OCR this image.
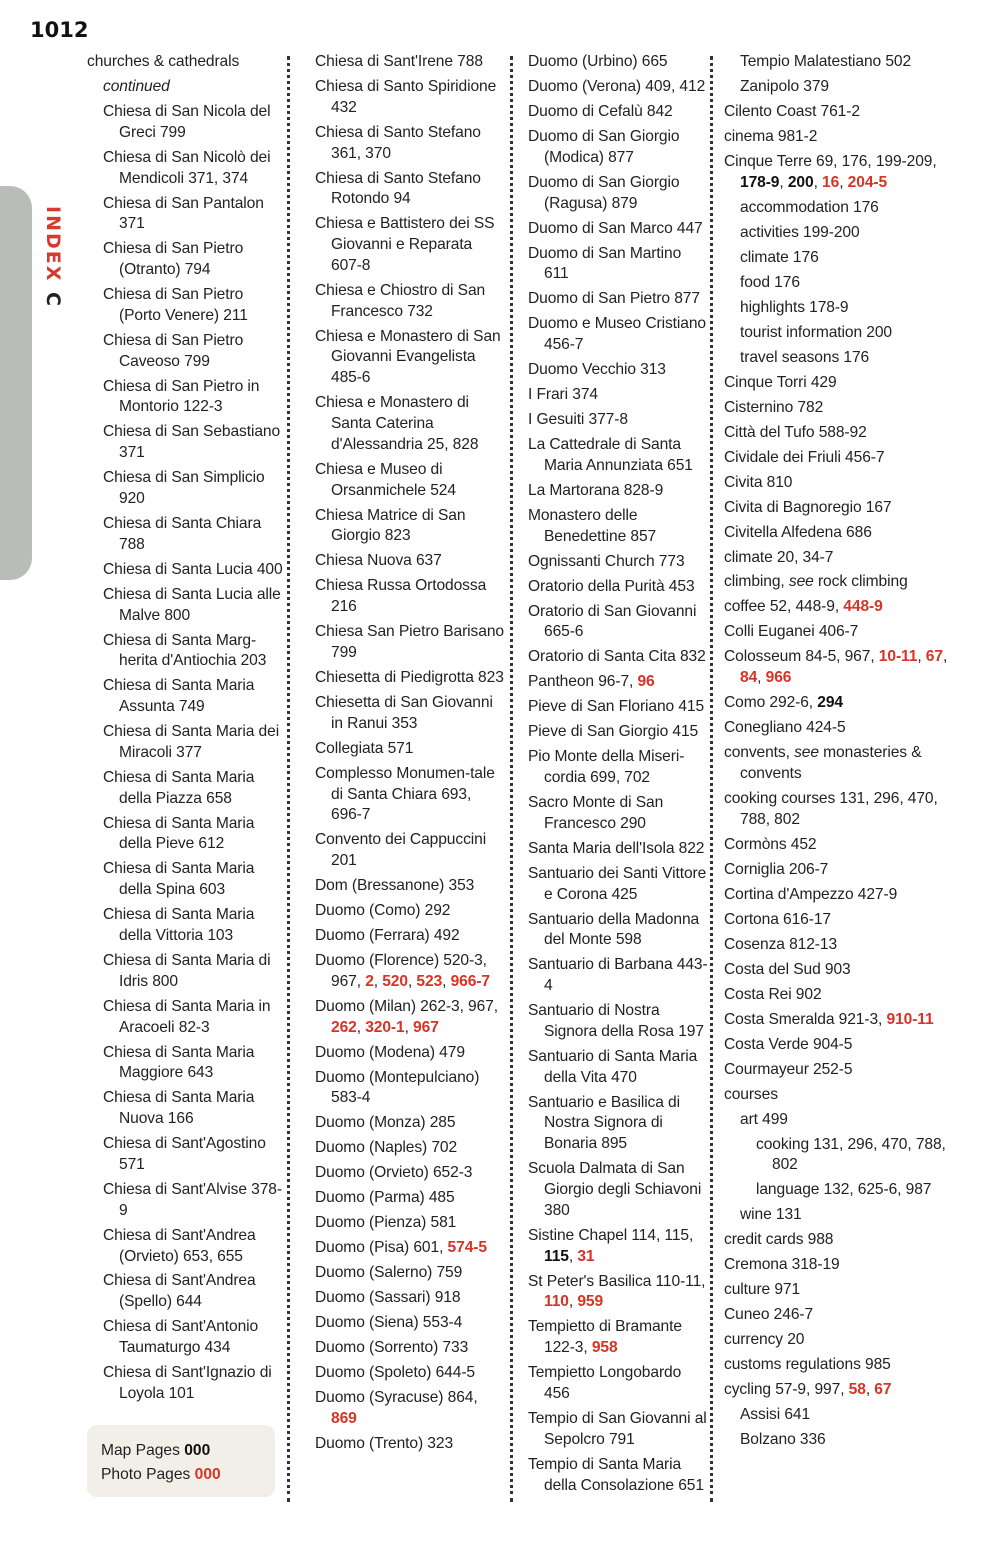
1012
INDEXC
churches & cathedrals
continued
Chiesa di San Nicola del Greci 799
Chiesa di San Nicolò dei Mendicoli 371, 374
Chiesa di San Pantalon 371
Chiesa di San Pietro (Otranto) 794
Chiesa di San Pietro (Porto Venere) 211
Chiesa di San Pietro Caveoso 799
Chiesa di San Pietro in Montorio 122-3
Chiesa di San Sebastiano 371
Chiesa di San Simplicio 920
Chiesa di Santa Chiara 788
Chiesa di Santa Lucia 400
Chiesa di Santa Lucia alle Malve 800
Chiesa di Santa Marg-herita d'Antiochia 203
Chiesa di Santa Maria Assunta 749
Chiesa di Santa Maria dei Miracoli 377
Chiesa di Santa Maria della Piazza 658
Chiesa di Santa Maria della Pieve 612
Chiesa di Santa Maria della Spina 603
Chiesa di Santa Maria della Vittoria 103
Chiesa di Santa Maria di Idris 800
Chiesa di Santa Maria in Aracoeli 82-3
Chiesa di Santa Maria Maggiore 643
Chiesa di Santa Maria Nuova 166
Chiesa di Sant'Agostino 571
Chiesa di Sant'Alvise 378-9
Chiesa di Sant'Andrea (Orvieto) 653, 655
Chiesa di Sant'Andrea (Spello) 644
Chiesa di Sant'Antonio Taumaturgo 434
Chiesa di Sant'Ignazio di Loyola 101
Chiesa di Sant'Irene 788
Chiesa di Santo Spiridione 432
Chiesa di Santo Stefano 361, 370
Chiesa di Santo Stefano Rotondo 94
Chiesa e Battistero dei SS Giovanni e Reparata 607-8
Chiesa e Chiostro di San Francesco 732
Chiesa e Monastero di San Giovanni Evangelista 485-6
Chiesa e Monastero di Santa Caterina d'Alessandria 25, 828
Chiesa e Museo di Orsanmichele 524
Chiesa Matrice di San Giorgio 823
Chiesa Nuova 637
Chiesa Russa Ortodossa 216
Chiesa San Pietro Barisano 799
Chiesetta di Piedigrotta 823
Chiesetta di San Giovanni in Ranui 353
Collegiata 571
Complesso Monumen-tale di Santa Chiara 693, 696-7
Convento dei Cappuccini 201
Dom (Bressanone) 353
Duomo (Como) 292
Duomo (Ferrara) 492
Duomo (Florence) 520-3, 967, 2, 520, 523, 966-7
Duomo (Milan) 262-3, 967, 262, 320-1, 967
Duomo (Modena) 479
Duomo (Montepulciano) 583-4
Duomo (Monza) 285
Duomo (Naples) 702
Duomo (Orvieto) 652-3
Duomo (Parma) 485
Duomo (Pienza) 581
Duomo (Pisa) 601, 574-5
Duomo (Salerno) 759
Duomo (Sassari) 918
Duomo (Siena) 553-4
Duomo (Sorrento) 733
Duomo (Spoleto) 644-5
Duomo (Syracuse) 864, 869
Duomo (Trento) 323
Duomo (Urbino) 665
Duomo (Verona) 409, 412
Duomo di Cefalù 842
Duomo di San Giorgio (Modica) 877
Duomo di San Giorgio (Ragusa) 879
Duomo di San Marco 447
Duomo di San Martino 611
Duomo di San Pietro 877
Duomo e Museo Cristiano 456-7
Duomo Vecchio 313
I Frari 374
I Gesuiti 377-8
La Cattedrale di Santa Maria Annunziata 651
La Martorana 828-9
Monastero delle Benedettine 857
Ognissanti Church 773
Oratorio della Purità 453
Oratorio di San Giovanni 665-6
Oratorio di Santa Cita 832
Pantheon 96-7, 96
Pieve di San Floriano 415
Pieve di San Giorgio 415
Pio Monte della Miseri-cordia 699, 702
Sacro Monte di San Francesco 290
Santa Maria dell'Isola 822
Santuario dei Santi Vittore e Corona 425
Santuario della Madonna del Monte 598
Santuario di Barbana 443-4
Santuario di Nostra Signora della Rosa 197
Santuario di Santa Maria della Vita 470
Santuario e Basilica di Nostra Signora di Bonaria 895
Scuola Dalmata di San Giorgio degli Schiavoni 380
Sistine Chapel 114, 115, 115, 31
St Peter's Basilica 110-11, 110, 959
Tempietto di Bramante 122-3, 958
Tempietto Longobardo 456
Tempio di San Giovanni al Sepolcro 791
Tempio di Santa Maria della Consolazione 651
Tempio Malatestiano 502
Zanipolo 379
Cilento Coast 761-2
cinema 981-2
Cinque Terre 69, 176, 199-209, 178-9, 200, 16, 204-5
accommodation 176
activities 199-200
climate 176
food 176
highlights 178-9
tourist information 200
travel seasons 176
Cinque Torri 429
Cisternino 782
Città del Tufo 588-92
Cividale dei Friuli 456-7
Civita 810
Civita di Bagnoregio 167
Civitella Alfedena 686
climate 20, 34-7
climbing, see rock climbing
coffee 52, 448-9, 448-9
Colli Euganei 406-7
Colosseum 84-5, 967, 10-11, 67, 84, 966
Como 292-6, 294
Conegliano 424-5
convents, see monasteries & convents
cooking courses 131, 296, 470, 788, 802
Cormòns 452
Corniglia 206-7
Cortina d'Ampezzo 427-9
Cortona 616-17
Cosenza 812-13
Costa del Sud 903
Costa Rei 902
Costa Smeralda 921-3, 910-11
Costa Verde 904-5
Courmayeur 252-5
courses
art 499
cooking 131, 296, 470, 788, 802
language 132, 625-6, 987
wine 131
credit cards 988
Cremona 318-19
culture 971
Cuneo 246-7
currency 20
customs regulations 985
cycling 57-9, 997, 58, 67
Assisi 641
Bolzano 336
Map Pages 000
Photo Pages 000
